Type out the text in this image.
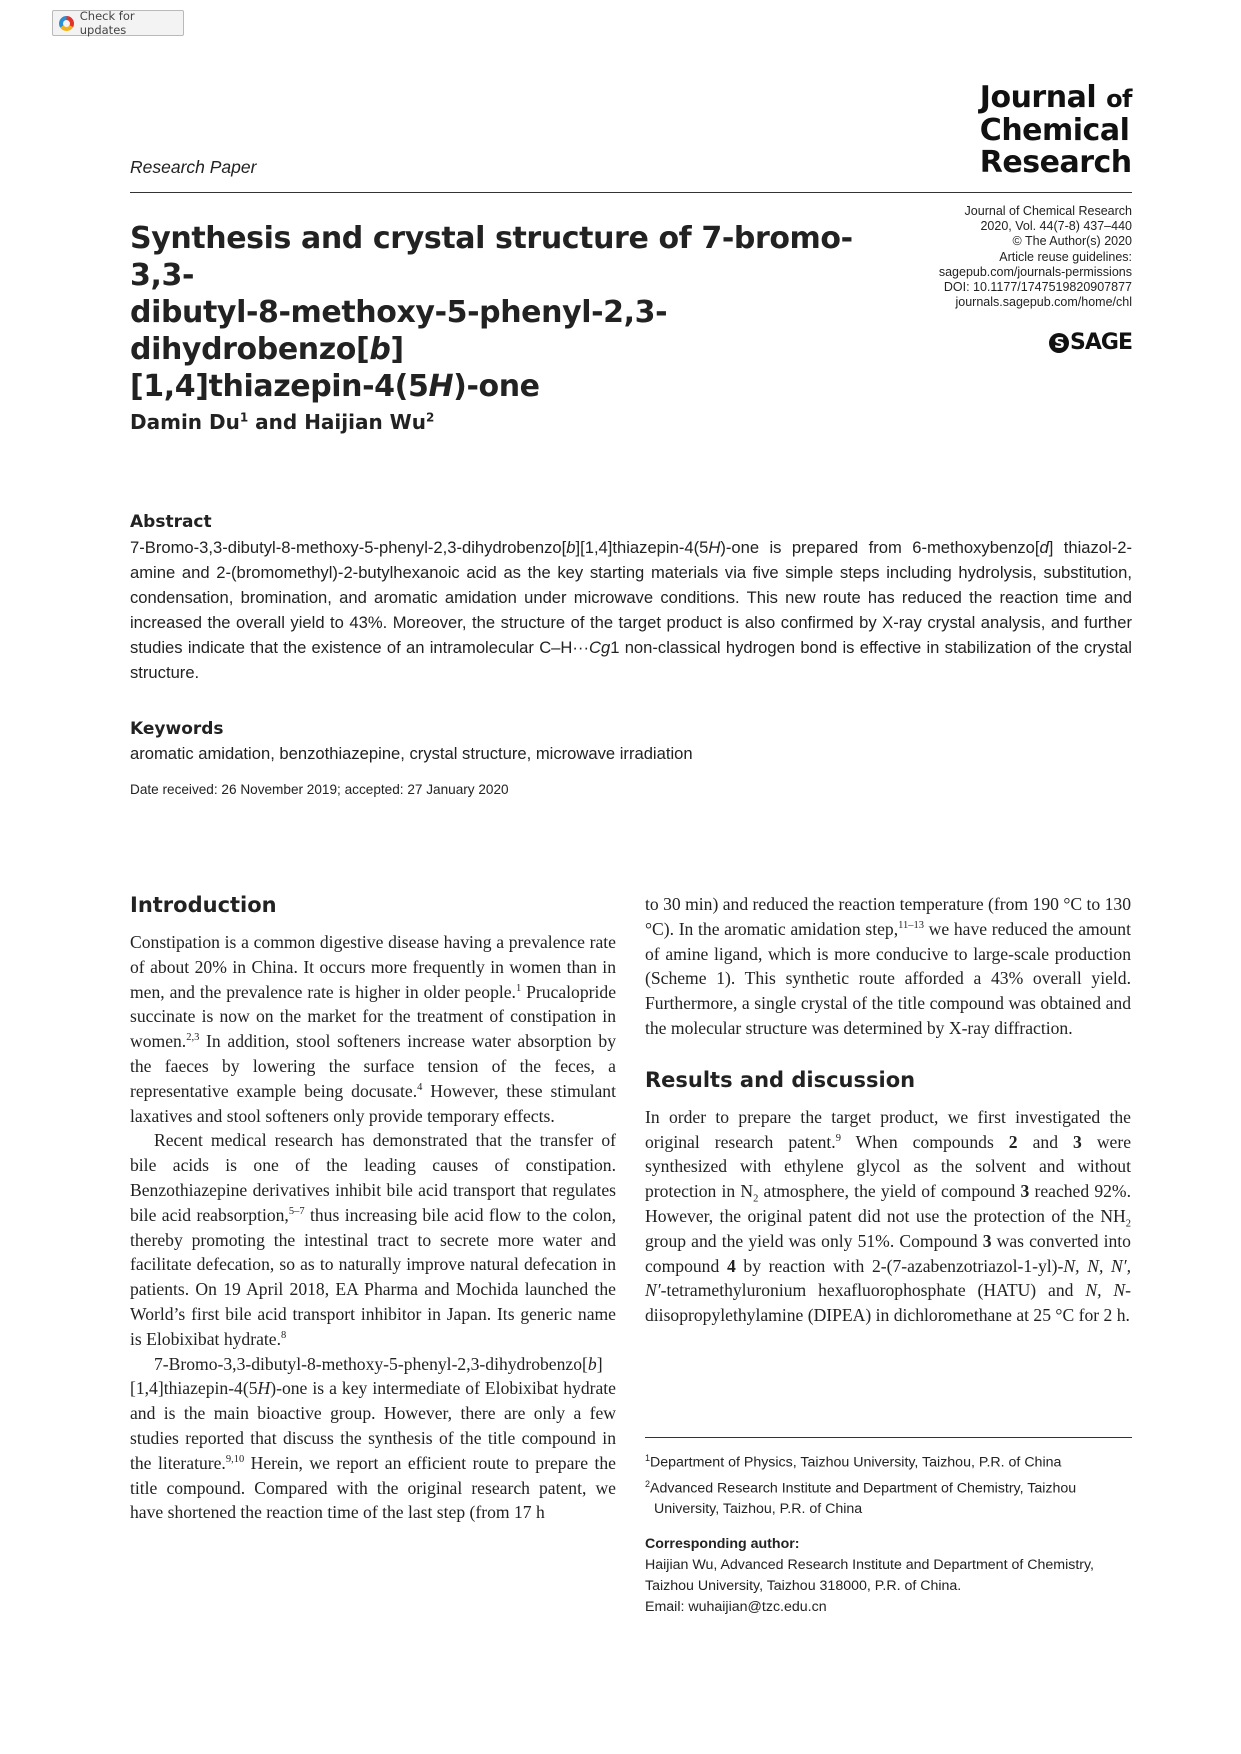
Check for updates
Research Paper
Journal of
Chemical
Research
Synthesis and crystal structure of 7-bromo-3,3-
dibutyl-8-methoxy-5-phenyl-2,3-dihydrobenzo[b]
[1,4]thiazepin-4(5H)-one
Journal of Chemical Research
2020, Vol. 44(7-8) 437–440
© The Author(s) 2020
Article reuse guidelines:
sagepub.com/journals-permissions
DOI: 10.1177/1747519820907877
journals.sagepub.com/home/chl
S SAGE
Damin Du$^1$ and Haijian Wu$^2$
Abstract
7-Bromo-3,3-dibutyl-8-methoxy-5-phenyl-2,3-dihydrobenzo[b][1,4]thiazepin-4(5H)-one is prepared from 6-methoxybenzo[d] thiazol-2-amine and 2-(bromomethyl)-2-butylhexanoic acid as the key starting materials via five simple steps including hydrolysis, substitution, condensation, bromination, and aromatic amidation under microwave conditions. This new route has reduced the reaction time and increased the overall yield to 43%. Moreover, the structure of the target product is also confirmed by X-ray crystal analysis, and further studies indicate that the existence of an intramolecular C–H···Cg1 non-classical hydrogen bond is effective in stabilization of the crystal structure.
Keywords
aromatic amidation, benzothiazepine, crystal structure, microwave irradiation
Date received: 26 November 2019; accepted: 27 January 2020
Introduction

Constipation is a common digestive disease having a prevalence rate of about 20% in China. It occurs more frequently in women than in men, and the prevalence rate is higher in older people.$^1$ Prucalopride succinate is now on the market for the treatment of constipation in women.$^{2,3}$ In addition, stool softeners increase water absorption by the faeces by lowering the surface tension of the feces, a representative example being docusate.$^4$ However, these stimulant laxatives and stool softeners only provide temporary effects.

Recent medical research has demonstrated that the transfer of bile acids is one of the leading causes of constipation. Benzothiazepine derivatives inhibit bile acid transport that regulates bile acid reabsorption,$^{5-7}$ thus increasing bile acid flow to the colon, thereby promoting the intestinal tract to secrete more water and facilitate defecation, so as to naturally improve natural defecation in patients. On 19 April 2018, EA Pharma and Mochida launched the World’s first bile acid transport inhibitor in Japan. Its generic name is Elobixibat hydrate.$^8$

7-Bromo-3,3-dibutyl-8-methoxy-5-phenyl-2,3-dihydrobenzo[b][1,4]thiazepin-4(5H)-one is a key intermediate of Elobixibat hydrate and is the main bioactive group. However, there are only a few studies reported that discuss the synthesis of the title compound in the literature.$^{9,10}$ Herein, we report an efficient route to prepare the title compound. Compared with the original research patent, we have shortened the reaction time of the last step (from 17 h

to 30 min) and reduced the reaction temperature (from 190 °C to 130 °C). In the aromatic amidation step,$^{11-13}$ we have reduced the amount of amine ligand, which is more conducive to large-scale production (Scheme 1). This synthetic route afforded a 43% overall yield. Furthermore, a single crystal of the title compound was obtained and the molecular structure was determined by X-ray diffraction.

Results and discussion

In order to prepare the target product, we first investigated the original research patent.$^9$ When compounds 2 and 3 were synthesized with ethylene glycol as the solvent and without protection in $N_2$ atmosphere, the yield of compound 3 reached 92%. However, the original patent did not use the protection of the $NH_2$ group and the yield was only 51%. Compound 3 was converted into compound 4 by reaction with 2-(7-azabenzotriazol-1-yl)-N, N, N′, N′-tetramethyluronium hexafluorophosphate (HATU) and N, N-diisopropylethylamine (DIPEA) in dichloromethane at 25 °C for 2 h.

$^1$Department of Physics, Taizhou University, Taizhou, P.R. of China
$^2$Advanced Research Institute and Department of Chemistry, Taizhou
University, Taizhou, P.R. of China
Corresponding author:
Haijian Wu, Advanced Research Institute and Department of Chemistry,
Taizhou University, Taizhou 318000, P.R. of China.
Email: wuhaijian@tzc.edu.cn
